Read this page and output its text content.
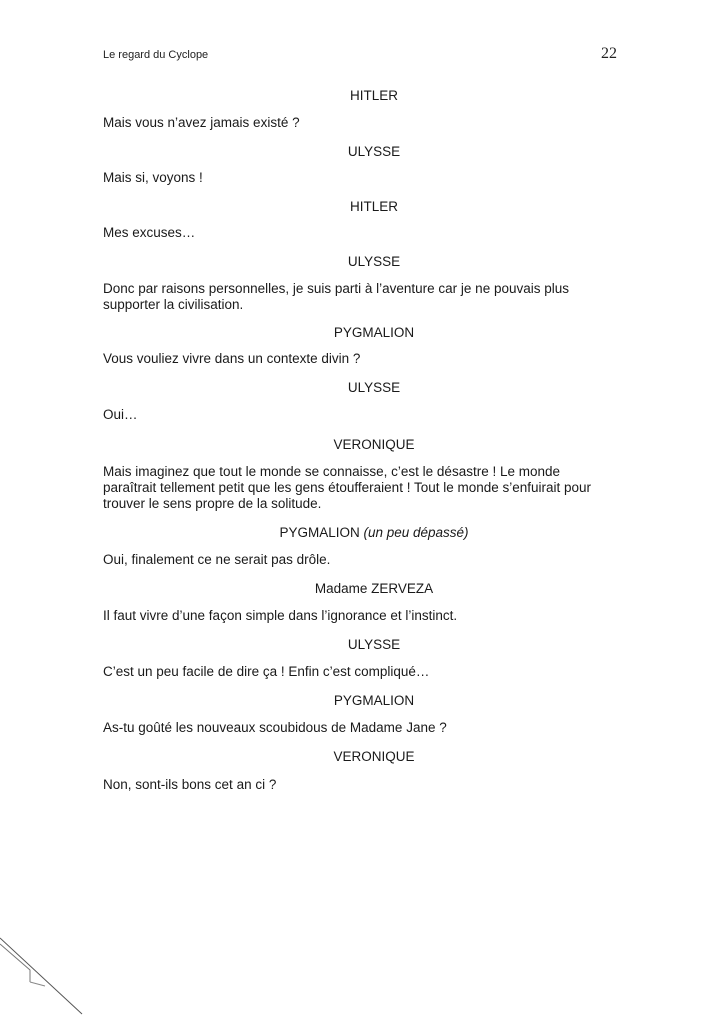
Le regard du Cyclope	22

HITLER

Mais vous n’avez jamais existé ?

ULYSSE

Mais si, voyons !

HITLER

Mes excuses…

ULYSSE

Donc par raisons personnelles, je suis parti à l’aventure car je ne pouvais plus supporter la civilisation.

PYGMALION

Vous vouliez vivre dans un contexte divin ?

ULYSSE

Oui…

VERONIQUE

Mais imaginez que tout le monde se connaisse, c’est le désastre ! Le monde paraîtrait tellement petit que les gens étoufferaient ! Tout le monde s’enfuirait pour trouver le sens propre de la solitude.

PYGMALION (un peu dépassé)

Oui, finalement ce ne serait pas drôle.

Madame ZERVEZA

Il faut vivre d’une façon simple dans l’ignorance et l’instinct.

ULYSSE

C’est un peu facile de dire ça ! Enfin c’est compliqué…

PYGMALION

As-tu goûté les nouveaux scoubidous de Madame Jane ?

VERONIQUE

Non, sont-ils bons cet an ci ?
